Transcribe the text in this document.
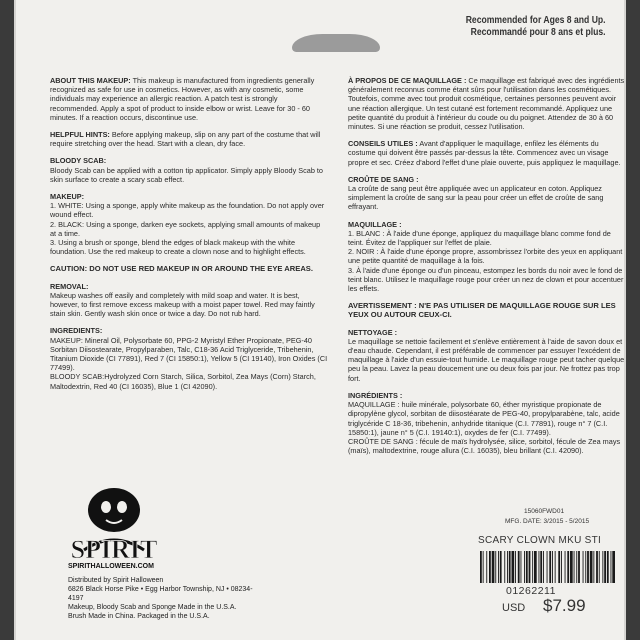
Recommended for Ages 8 and Up.
Recommandé pour 8 ans et plus.
ABOUT THIS MAKEUP: This makeup is manufactured from ingredients generally recognized as safe for use in cosmetics. However, as with any cosmetic, some individuals may experience an allergic reaction. A patch test is strongly recommended. Apply a spot of product to inside elbow or wrist. Leave for 30 - 60 minutes. If a reaction occurs, discontinue use.
HELPFUL HINTS: Before applying makeup, slip on any part of the costume that will require stretching over the head. Start with a clean, dry face.
BLOODY SCAB:
Bloody Scab can be applied with a cotton tip applicator. Simply apply Bloody Scab to skin surface to create a scary scab effect.
MAKEUP:
1. WHITE: Using a sponge, apply white makeup as the foundation. Do not apply over wound effect.
2. BLACK: Using a sponge, darken eye sockets, applying small amounts of makeup at a time.
3. Using a brush or sponge, blend the edges of black makeup with the white foundation. Use the red makeup to create a clown nose and to highlight effects.
CAUTION: DO NOT USE RED MAKEUP IN OR AROUND THE EYE AREAS.
REMOVAL:
Makeup washes off easily and completely with mild soap and water. It is best, however, to first remove excess makeup with a moist paper towel. Red may faintly stain skin. Gently wash skin once or twice a day. Do not rub hard.
INGREDIENTS:
MAKEUP: Mineral Oil, Polysorbate 60, PPG-2 Myristyl Ether Propionate, PEG-40 Sorbitan Diisostearate, Propylparaben, Talc, C18-36 Acid Triglyceride, Tribehenin, Titanium Dioxide (CI 77891), Red 7 (CI 15850:1), Yellow 5 (CI 19140), Iron Oxides (CI 77499).
BLOODY SCAB:Hydrolyzed Corn Starch, Silica, Sorbitol, Zea Mays (Corn) Starch, Maltodextrin, Red 40 (CI 16035), Blue 1 (CI 42090).
À PROPOS DE CE MAQUILLAGE : Ce maquillage est fabriqué avec des ingrédients généralement reconnus comme étant sûrs pour l'utilisation dans les cosmétiques. Toutefois, comme avec tout produit cosmétique, certaines personnes peuvent avoir une réaction allergique. Un test cutané est fortement recommandé. Appliquez une petite quantité du produit à l'intérieur du coude ou du poignet. Attendez de 30 à 60 minutes. Si une réaction se produit, cessez l'utilisation.
CONSEILS UTILES : Avant d'appliquer le maquillage, enfilez les éléments du costume qui doivent être passés par-dessus la tête. Commencez avec un visage propre et sec. Créez d'abord l'effet d'une plaie ouverte, puis appliquez le maquillage.
CROÛTE DE SANG :
La croûte de sang peut être appliquée avec un applicateur en coton. Appliquez simplement la croûte de sang sur la peau pour créer un effet de croûte de sang effrayant.
MAQUILLAGE :
1. BLANC : À l'aide d'une éponge, appliquez du maquillage blanc comme fond de teint. Évitez de l'appliquer sur l'effet de plaie.
2. NOIR : À l'aide d'une éponge propre, assombrissez l'orbite des yeux en appliquant une petite quantité de maquillage à la fois.
3. À l'aide d'une éponge ou d'un pinceau, estompez les bords du noir avec le fond de teint blanc. Utilisez le maquillage rouge pour créer un nez de clown et pour accentuer les effets.
AVERTISSEMENT : N'E PAS UTILISER DE MAQUILLAGE ROUGE SUR LES YEUX OU AUTOUR CEUX-CI.
NETTOYAGE :
Le maquillage se nettoie facilement et s'enlève entièrement à l'aide de savon doux et d'eau chaude. Cependant, il est préférable de commencer par essuyer l'excédent de maquillage à l'aide d'un essuie-tout humide. Le maquillage rouge peut tacher quelque peu la peau. Lavez la peau doucement une ou deux fois par jour. Ne frottez pas trop fort.
INGRÉDIENTS :
MAQUILLAGE : huile minérale, polysorbate 60, éther myristique propionate de dipropylène glycol, sorbitan de diisostéarate de PEG-40, propylparabène, talc, acide triglycéride C 18-36, tribehenin, anhydride titanique (C.I. 77891), rouge n° 7 (C.I. 15850:1), jaune n° 5 (C.I. 19140:1), oxydes de fer (C.I. 77499).
CROÛTE DE SANG : fécule de maïs hydrolysée, silice, sorbitol, fécule de Zea mays (maïs), maltodextrine, rouge allura (C.I. 16035), bleu brillant (C.I. 42090).
SPIRIT
SPIRITHALLOWEEN.COM
Distributed by Spirit Halloween
6826 Black Horse Pike • Egg Harbor Township, NJ • 08234-4197
Makeup, Bloody Scab and Sponge Made in the U.S.A.
Brush Made in China. Packaged in the U.S.A.
15060FWD01
MFG. DATE: 3/2015 - 5/2015
SCARY CLOWN MKU STI
01262211
USD $7.99
